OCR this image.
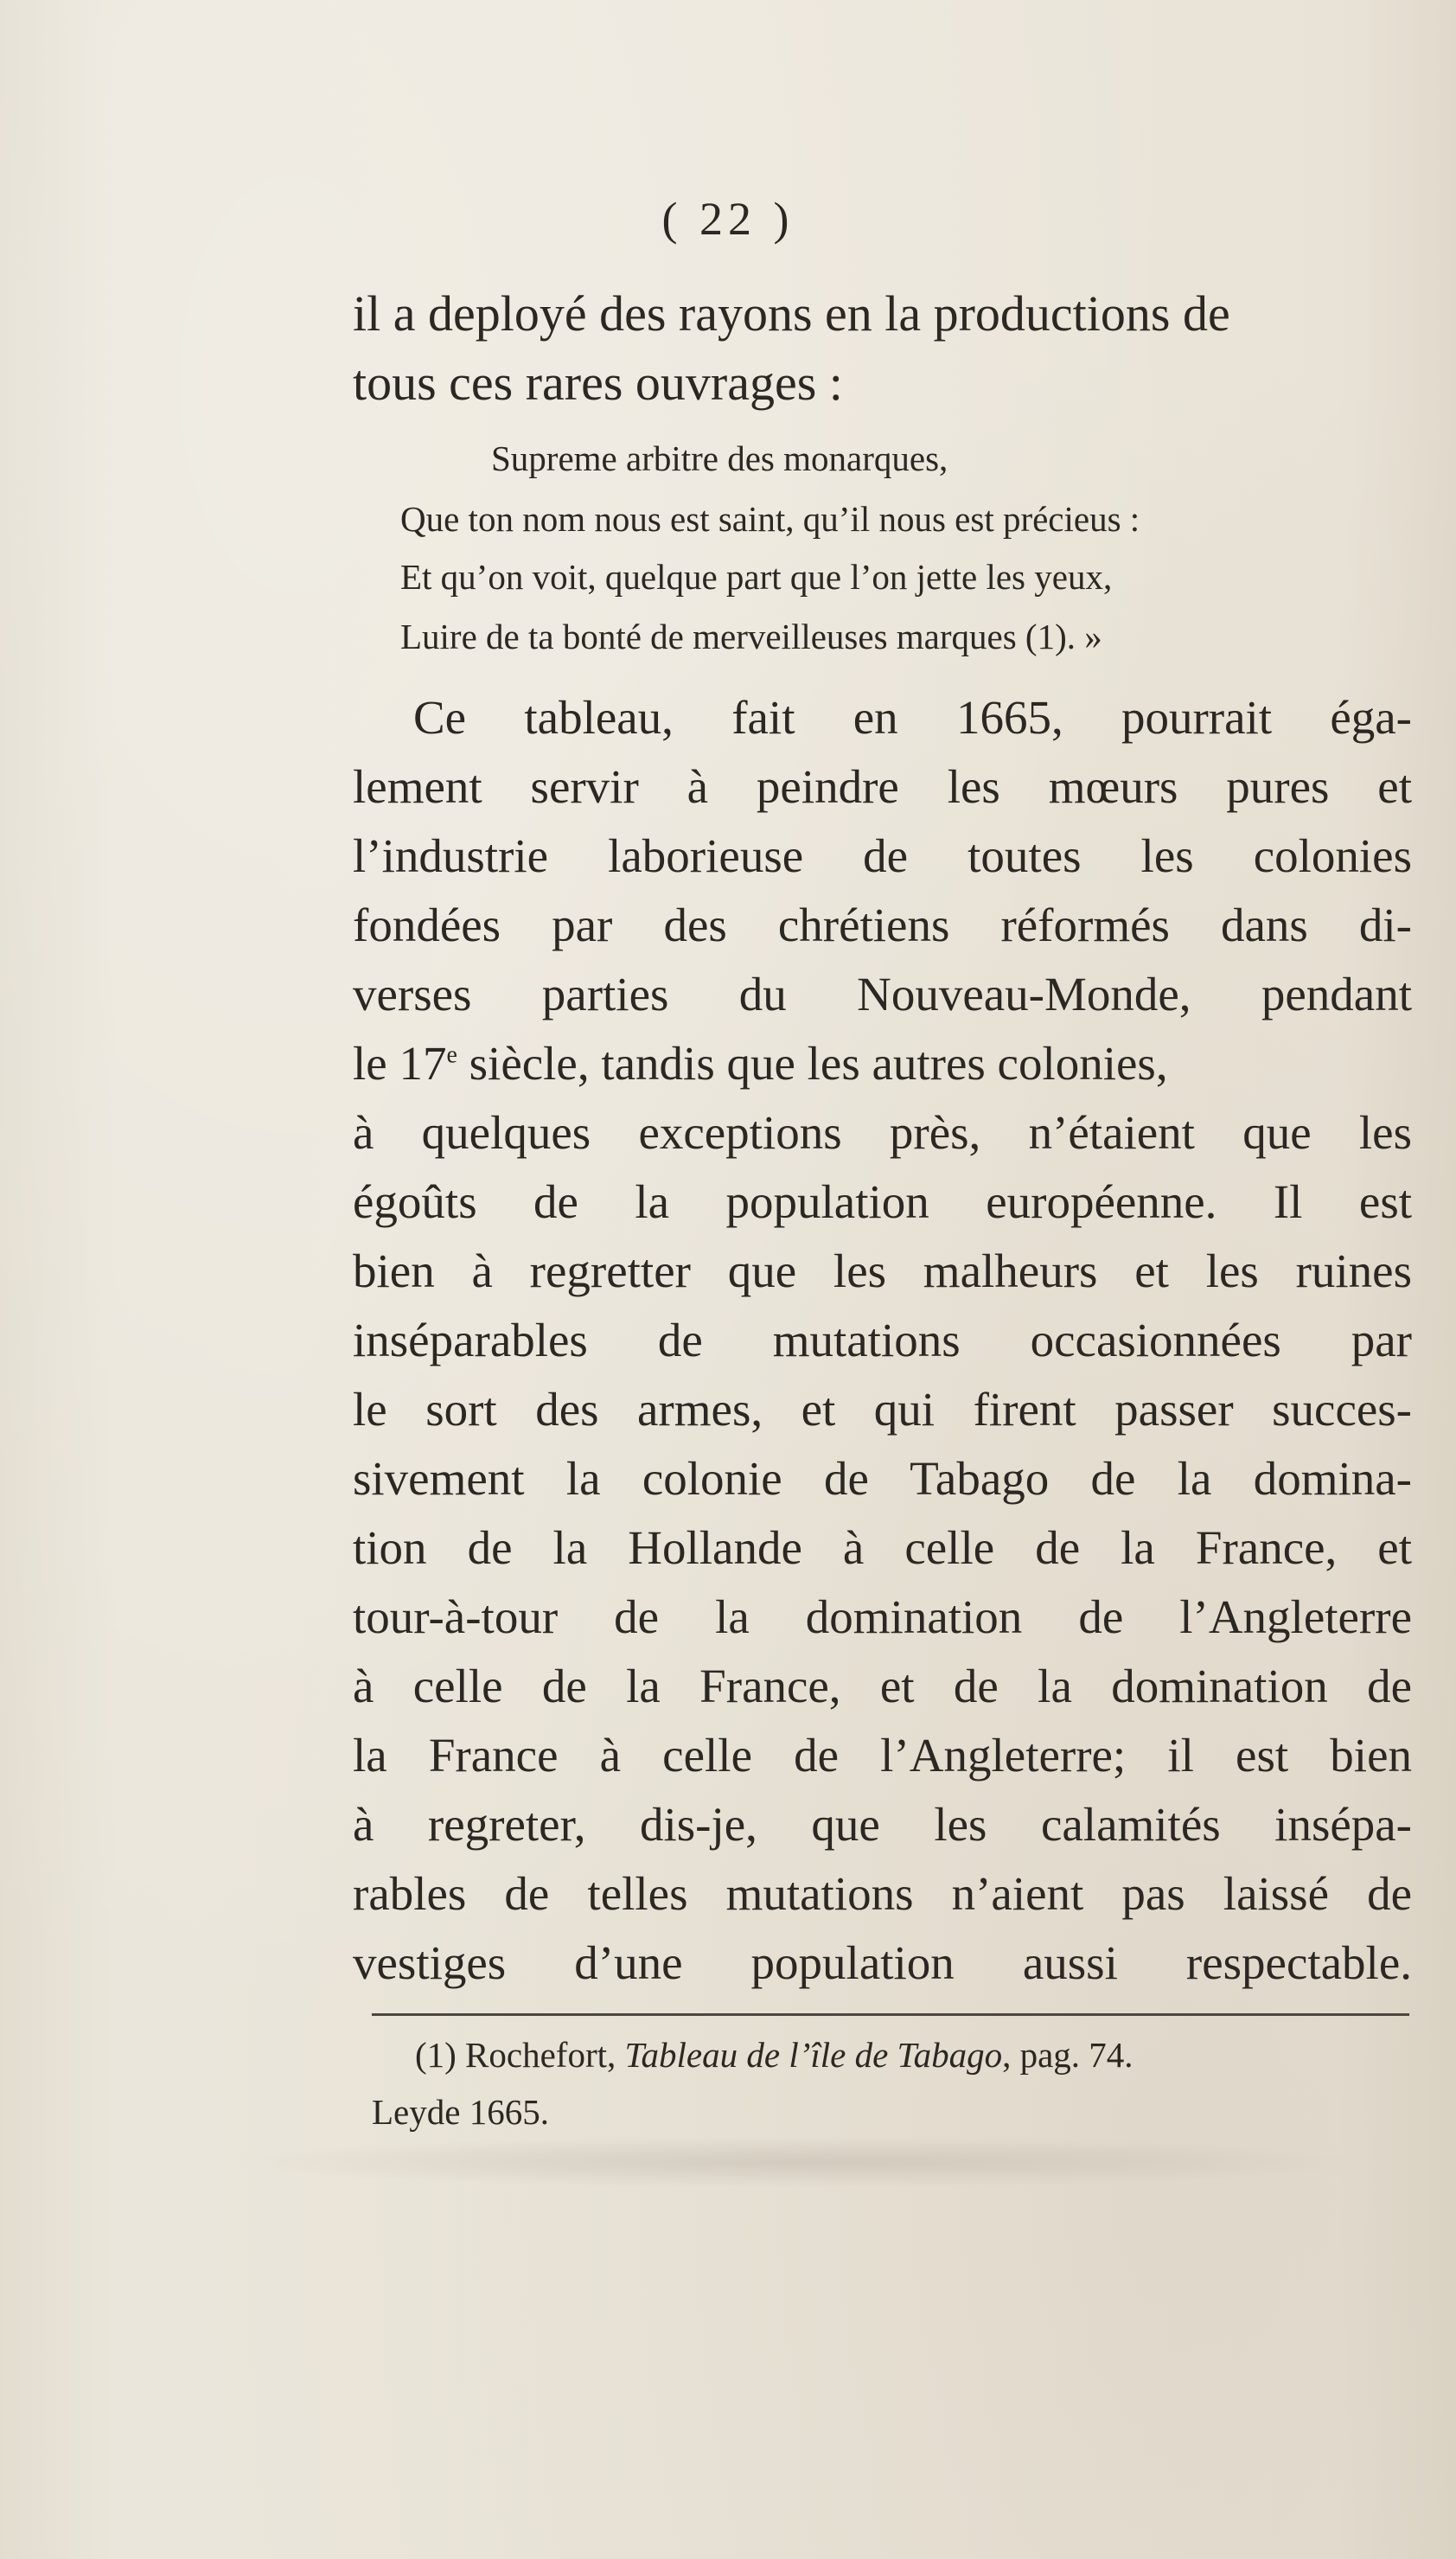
( 22 )
il a deployé des rayons en la productions de
tous ces rares ouvrages :
Supreme arbitre des monarques,
Que ton nom nous est saint, qu’il nous est précieus :
Et qu’on voit, quelque part que l’on jette les yeux,
Luire de ta bonté de merveilleuses marques (1). »
Ce tableau, fait en 1665, pourrait éga-
lement servir à peindre les mœurs pures et
l’industrie laborieuse de toutes les colonies
fondées par des chrétiens réformés dans di-
verses parties du Nouveau-Monde, pendant
le 17e siècle, tandis que les autres colonies,
à quelques exceptions près, n’étaient que les
égoûts de la population européenne. Il est
bien à regretter que les malheurs et les ruines
inséparables de mutations occasionnées par
le sort des armes, et qui firent passer succes-
sivement la colonie de Tabago de la domina-
tion de la Hollande à celle de la France, et
tour-à-tour de la domination de l’Angleterre
à celle de la France, et de la domination de
la France à celle de l’Angleterre; il est bien
à regreter, dis-je, que les calamités insépa-
rables de telles mutations n’aient pas laissé de
vestiges d’une population aussi respectable.
(1) Rochefort, Tableau de l’île de Tabago, pag. 74.
Leyde 1665.
